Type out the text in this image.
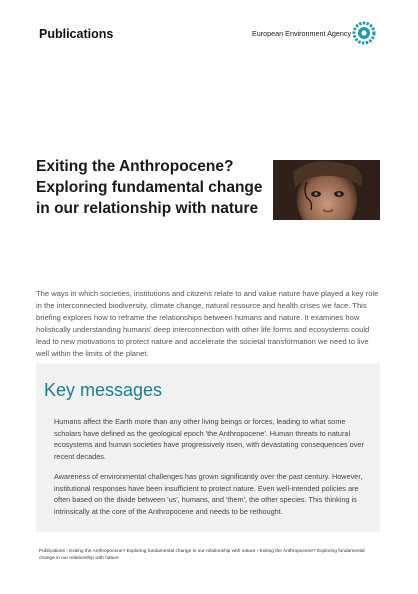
Publications	European Environment Agency
Exiting the Anthropocene? Exploring fundamental change in our relationship with nature

The ways in which societies, institutions and citizens relate to and value nature have played a key role in the interconnected biodiversity, climate change, natural resource and health crises we face. This briefing explores how to reframe the relationships between humans and nature. It examines how holistically understanding humans' deep interconnection with other life forms and ecosystems could lead to new motivations to protect nature and accelerate the societal transformation we need to live well within the limits of the planet.

Key messages

Humans affect the Earth more than any other living beings or forces, leading to what some scholars have defined as the geological epoch 'the Anthropocene'. Human threats to natural ecosystems and human societies have progressively risen, with devastating consequences over recent decades.

Awareness of environmental challenges has grown significantly over the past century. However, institutional responses have been insufficient to protect nature. Even well-intended policies are often based on the divide between 'us', humans, and 'them', the other species. This thinking is intrinsically at the core of the Anthropocene and needs to be rethought.

Publications › Exiting the Anthropocene? Exploring fundamental change in our relationship with nature › Exiting the Anthropocene? Exploring fundamental change in our relationship with nature
